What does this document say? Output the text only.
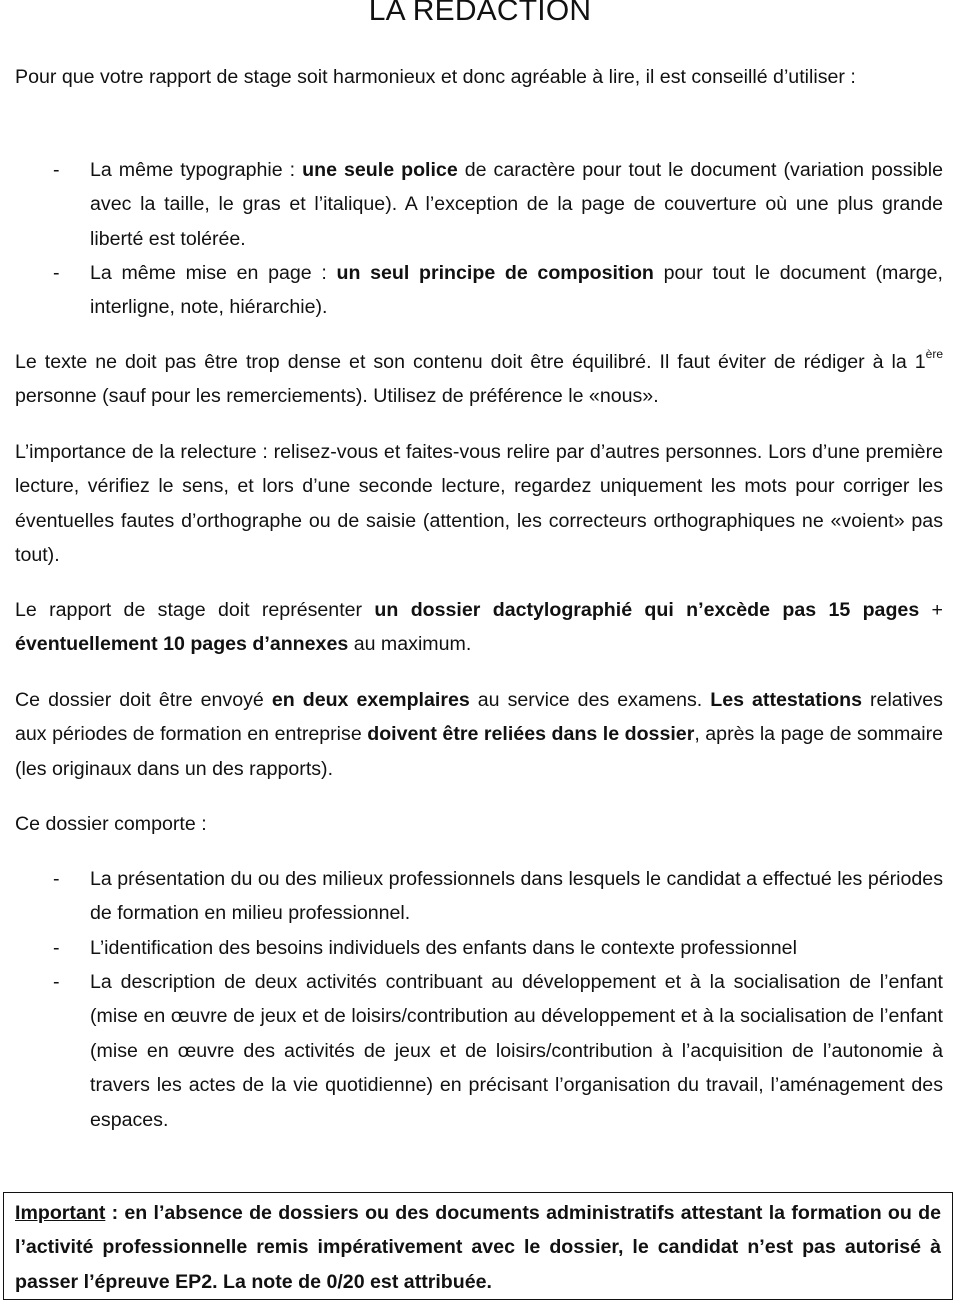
LA REDACTION

Pour que votre rapport de stage soit harmonieux et donc agréable à lire, il est conseillé d’utiliser :

- La même typographie : une seule police de caractère pour tout le document (variation possible avec la taille, le gras et l’italique). A l’exception de la page de couverture où une plus grande liberté est tolérée.
- La même mise en page : un seul principe de composition pour tout le document (marge, interligne, note, hiérarchie).

Le texte ne doit pas être trop dense et son contenu doit être équilibré. Il faut éviter de rédiger à la 1ère personne (sauf pour les remerciements). Utilisez de préférence le «nous».

L’importance de la relecture : relisez-vous et faites-vous relire par d’autres personnes. Lors d’une première lecture, vérifiez le sens, et lors d’une seconde lecture, regardez uniquement les mots pour corriger les éventuelles fautes d’orthographe ou de saisie (attention, les correcteurs orthographiques ne «voient» pas tout).

Le rapport de stage doit représenter un dossier dactylographié qui n’excède pas 15 pages + éventuellement 10 pages d’annexes au maximum.

Ce dossier doit être envoyé en deux exemplaires au service des examens. Les attestations relatives aux périodes de formation en entreprise doivent être reliées dans le dossier, après la page de sommaire (les originaux dans un des rapports).

Ce dossier comporte :

- La présentation du ou des milieux professionnels dans lesquels le candidat a effectué les périodes de formation en milieu professionnel.
- L’identification des besoins individuels des enfants dans le contexte professionnel
- La description de deux activités contribuant au développement et à la socialisation de l’enfant (mise en œuvre de jeux et de loisirs/contribution au développement et à la socialisation de l’enfant (mise en œuvre des activités de jeux et de loisirs/contribution à l’acquisition de l’autonomie à travers les actes de la vie quotidienne) en précisant l’organisation du travail, l’aménagement des espaces.

Important : en l’absence de dossiers ou des documents administratifs attestant la formation ou de l’activité professionnelle remis impérativement avec le dossier, le candidat n’est pas autorisé à passer l’épreuve EP2. La note de 0/20 est attribuée.
